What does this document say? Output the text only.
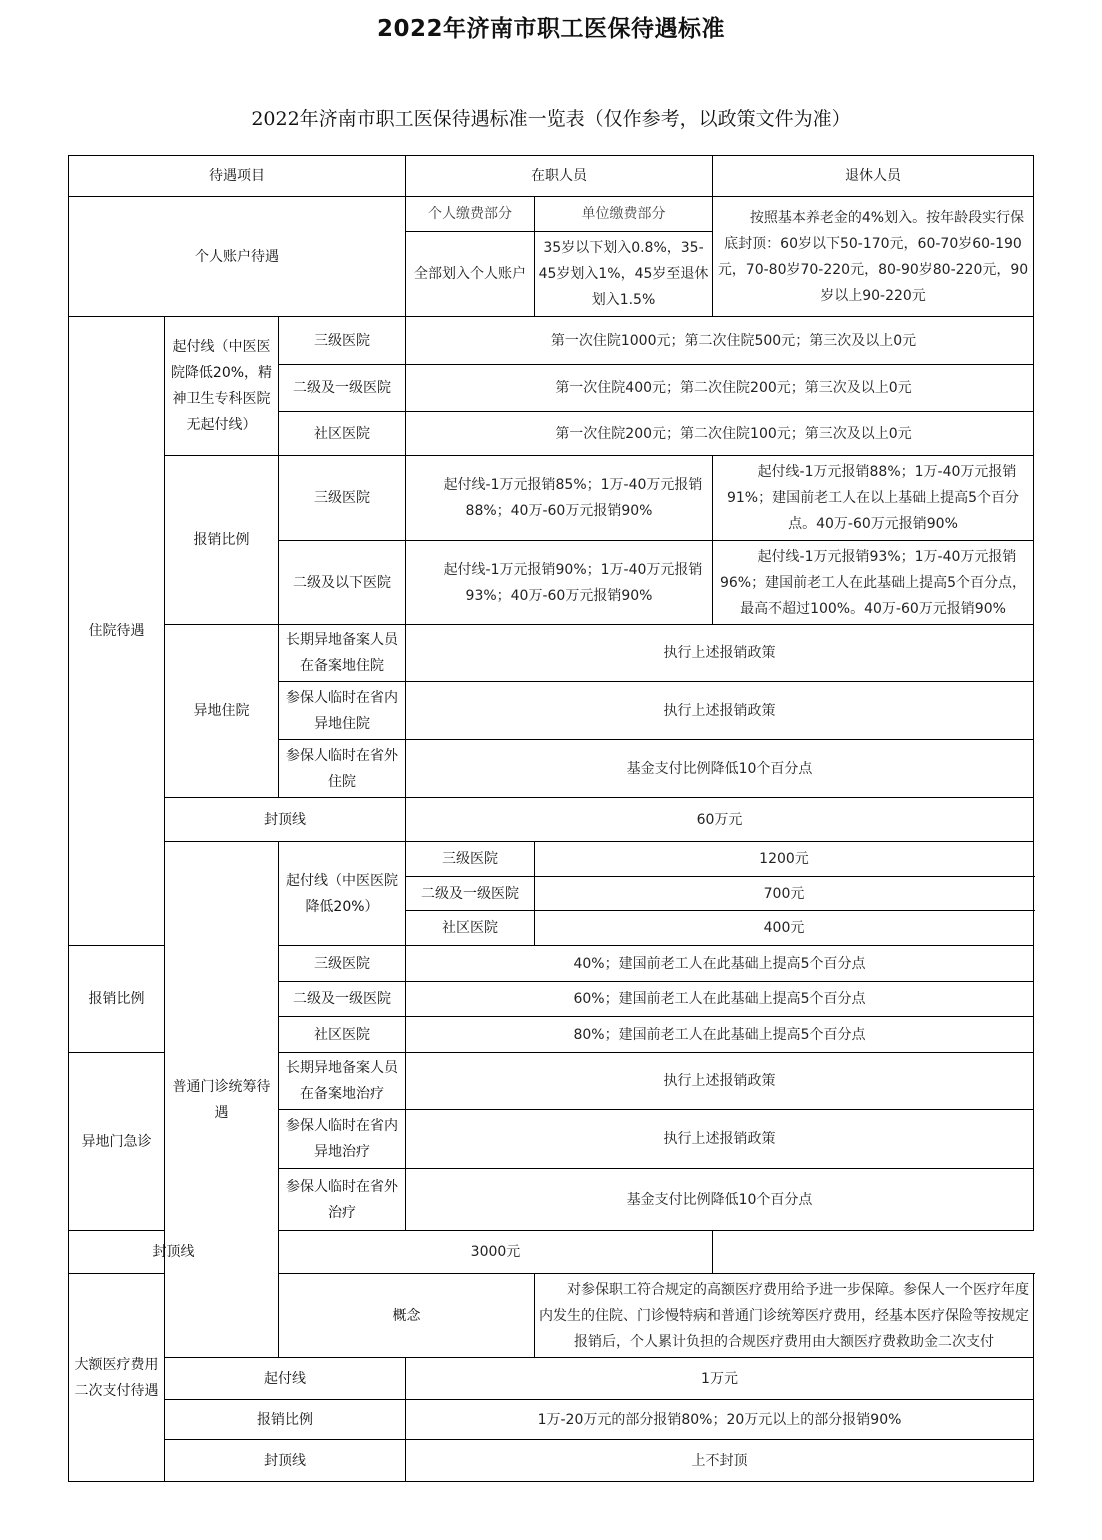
2022年济南市职工医保待遇标准
2022年济南市职工医保待遇标准一览表（仅作参考，以政策文件为准）
待遇项目			在职人员		退休人员
个人账户待遇			个人缴费部分	单位缴费部分	按照基本养老金的4%划入。按年龄段实行保底封顶：60岁以下50-170元，60-70岁60-190元，70-80岁70-220元，80-90岁80-220元，90岁以上90-220元
			全部划入个人账户	35岁以下划入0.8%，35-45岁划入1%，45岁至退休划入1.5%	
住院待遇	起付线（中医医院降低20%，精神卫生专科医院无起付线）	三级医院	第一次住院1000元；第二次住院500元；第三次及以上0元		
		二级及一级医院	第一次住院400元；第二次住院200元；第三次及以上0元		
		社区医院	第一次住院200元；第二次住院100元；第三次及以上0元		
	报销比例	三级医院	起付线-1万元报销85%；1万-40万元报销88%；40万-60万元报销90%		起付线-1万元报销88%；1万-40万元报销91%；建国前老工人在以上基础上提高5个百分点。40万-60万元报销90%
		二级及以下医院	起付线-1万元报销90%；1万-40万元报销93%；40万-60万元报销90%		起付线-1万元报销93%；1万-40万元报销96%；建国前老工人在此基础上提高5个百分点，最高不超过100%。40万-60万元报销90%
	异地住院	长期异地备案人员在备案地住院	执行上述报销政策		
		参保人临时在省内异地住院	执行上述报销政策		
		参保人临时在省外住院	基金支付比例降低10个百分点		
	封顶线		60万元		
	普通门诊统筹待遇	起付线（中医医院降低20%）	三级医院	1200元	
			二级及一级医院	700元	
			社区医院	400元	
报销比例		三级医院	40%；建国前老工人在此基础上提高5个百分点		
		二级及一级医院	60%；建国前老工人在此基础上提高5个百分点		
		社区医院	80%；建国前老工人在此基础上提高5个百分点		
异地门急诊		长期异地备案人员在备案地治疗	执行上述报销政策		
		参保人临时在省内异地治疗	执行上述报销政策		
		参保人临时在省外治疗	基金支付比例降低10个百分点		
封顶线		3000元			
大额医疗费用二次支付待遇		概念		对参保职工符合规定的高额医疗费用给予进一步保障。参保人一个医疗年度内发生的住院、门诊慢特病和普通门诊统筹医疗费用，经基本医疗保险等按规定报销后，个人累计负担的合规医疗费用由大额医疗费救助金二次支付	
	起付线		1万元		
	报销比例		1万-20万元的部分报销80%；20万元以上的部分报销90%		
	封顶线		上不封顶		
